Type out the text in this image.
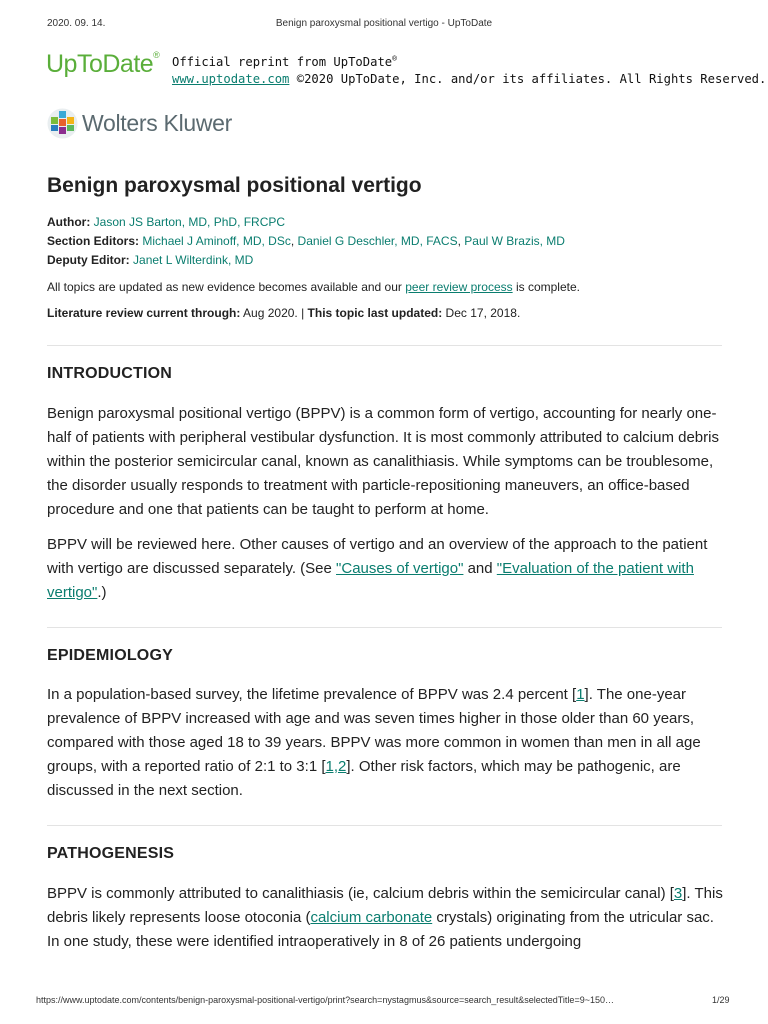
2020. 09. 14.	Benign paroxysmal positional vertigo - UpToDate
UpToDate®
Official reprint from UpToDate®
www.uptodate.com ©2020 UpToDate, Inc. and/or its affiliates. All Rights Reserved.
Wolters Kluwer
Benign paroxysmal positional vertigo
Author: Jason JS Barton, MD, PhD, FRCPC
Section Editors: Michael J Aminoff, MD, DSc, Daniel G Deschler, MD, FACS, Paul W Brazis, MD
Deputy Editor: Janet L Wilterdink, MD
All topics are updated as new evidence becomes available and our peer review process is complete.
Literature review current through: Aug 2020. | This topic last updated: Dec 17, 2018.
INTRODUCTION

Benign paroxysmal positional vertigo (BPPV) is a common form of vertigo, accounting for nearly one-half of patients with peripheral vestibular dysfunction. It is most commonly attributed to calcium debris within the posterior semicircular canal, known as canalithiasis. While symptoms can be troublesome, the disorder usually responds to treatment with particle-repositioning maneuvers, an office-based procedure and one that patients can be taught to perform at home.

BPPV will be reviewed here. Other causes of vertigo and an overview of the approach to the patient with vertigo are discussed separately. (See "Causes of vertigo" and "Evaluation of the patient with vertigo".)

EPIDEMIOLOGY

In a population-based survey, the lifetime prevalence of BPPV was 2.4 percent [1]. The one-year prevalence of BPPV increased with age and was seven times higher in those older than 60 years, compared with those aged 18 to 39 years. BPPV was more common in women than men in all age groups, with a reported ratio of 2:1 to 3:1 [1,2]. Other risk factors, which may be pathogenic, are discussed in the next section.

PATHOGENESIS

BPPV is commonly attributed to canalithiasis (ie, calcium debris within the semicircular canal) [3]. This debris likely represents loose otoconia (calcium carbonate crystals) originating from the utricular sac. In one study, these were identified intraoperatively in 8 of 26 patients undergoing

https://www.uptodate.com/contents/benign-paroxysmal-positional-vertigo/print?search=nystagmus&source=search_result&selectedTitle=9~150…	1/29
